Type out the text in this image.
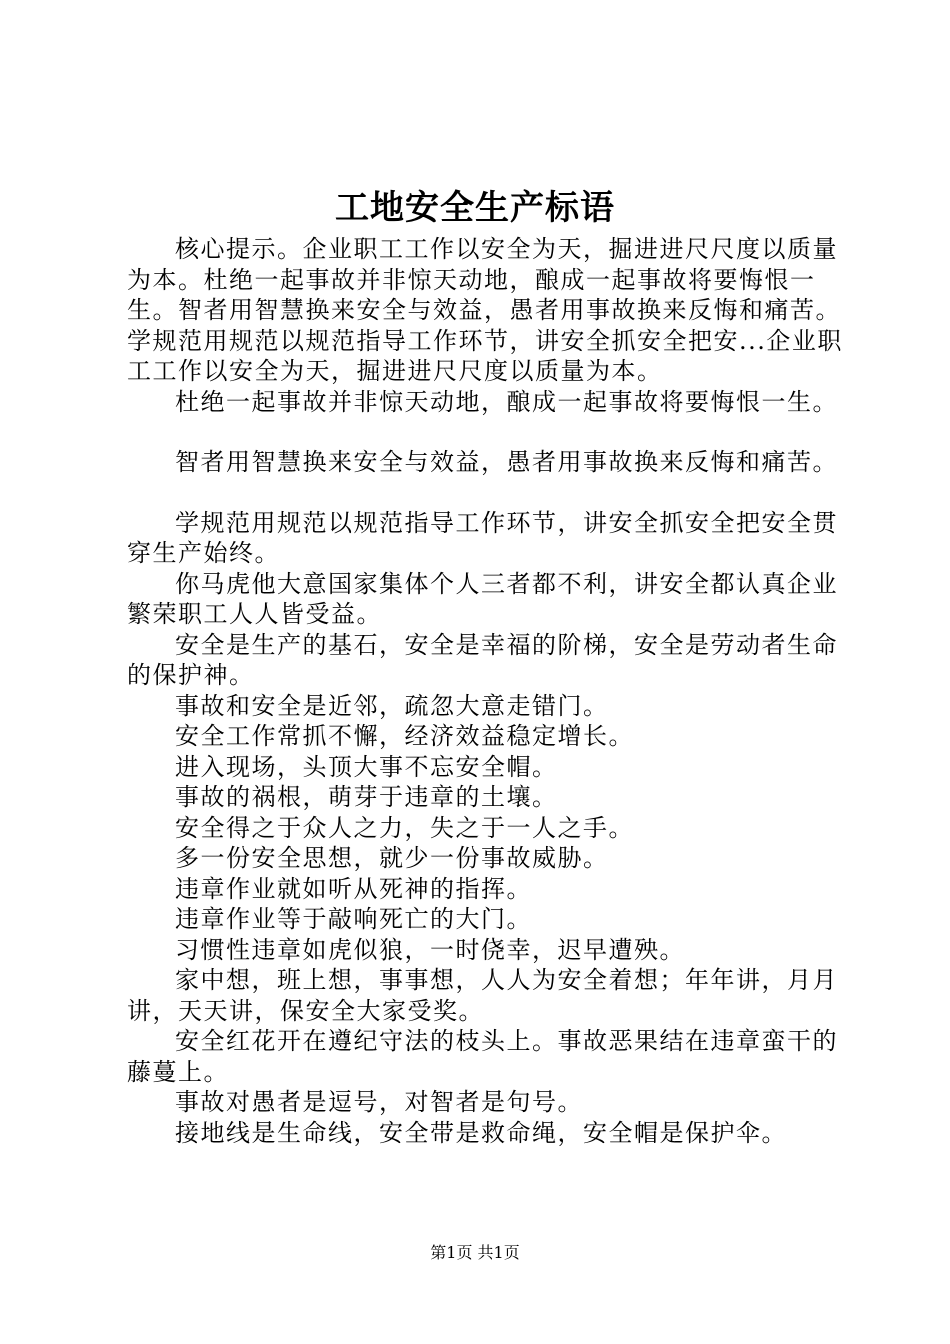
工地安全生产标语

核心提示。企业职工工作以安全为天，掘进进尺尺度以质量为本。杜绝一起事故并非惊天动地，酿成一起事故将要悔恨一生。智者用智慧换来安全与效益，愚者用事故换来反悔和痛苦。学规范用规范以规范指导工作环节，讲安全抓安全把安...企业职工工作以安全为天，掘进进尺尺度以质量为本。

杜绝一起事故并非惊天动地，酿成一起事故将要悔恨一生。

智者用智慧换来安全与效益，愚者用事故换来反悔和痛苦。

学规范用规范以规范指导工作环节，讲安全抓安全把安全贯穿生产始终。

你马虎他大意国家集体个人三者都不利，讲安全都认真企业繁荣职工人人皆受益。

安全是生产的基石，安全是幸福的阶梯，安全是劳动者生命的保护神。

事故和安全是近邻，疏忽大意走错门。

安全工作常抓不懈，经济效益稳定增长。

进入现场，头顶大事不忘安全帽。

事故的祸根，萌芽于违章的土壤。

安全得之于众人之力，失之于一人之手。

多一份安全思想，就少一份事故威胁。

违章作业就如听从死神的指挥。

违章作业等于敲响死亡的大门。

习惯性违章如虎似狼，一时侥幸，迟早遭殃。

家中想，班上想，事事想，人人为安全着想；年年讲，月月讲，天天讲，保安全大家受奖。

安全红花开在遵纪守法的枝头上。事故恶果结在违章蛮干的藤蔓上。

事故对愚者是逗号，对智者是句号。

接地线是生命线，安全带是救命绳，安全帽是保护伞。

第1页 共1页
